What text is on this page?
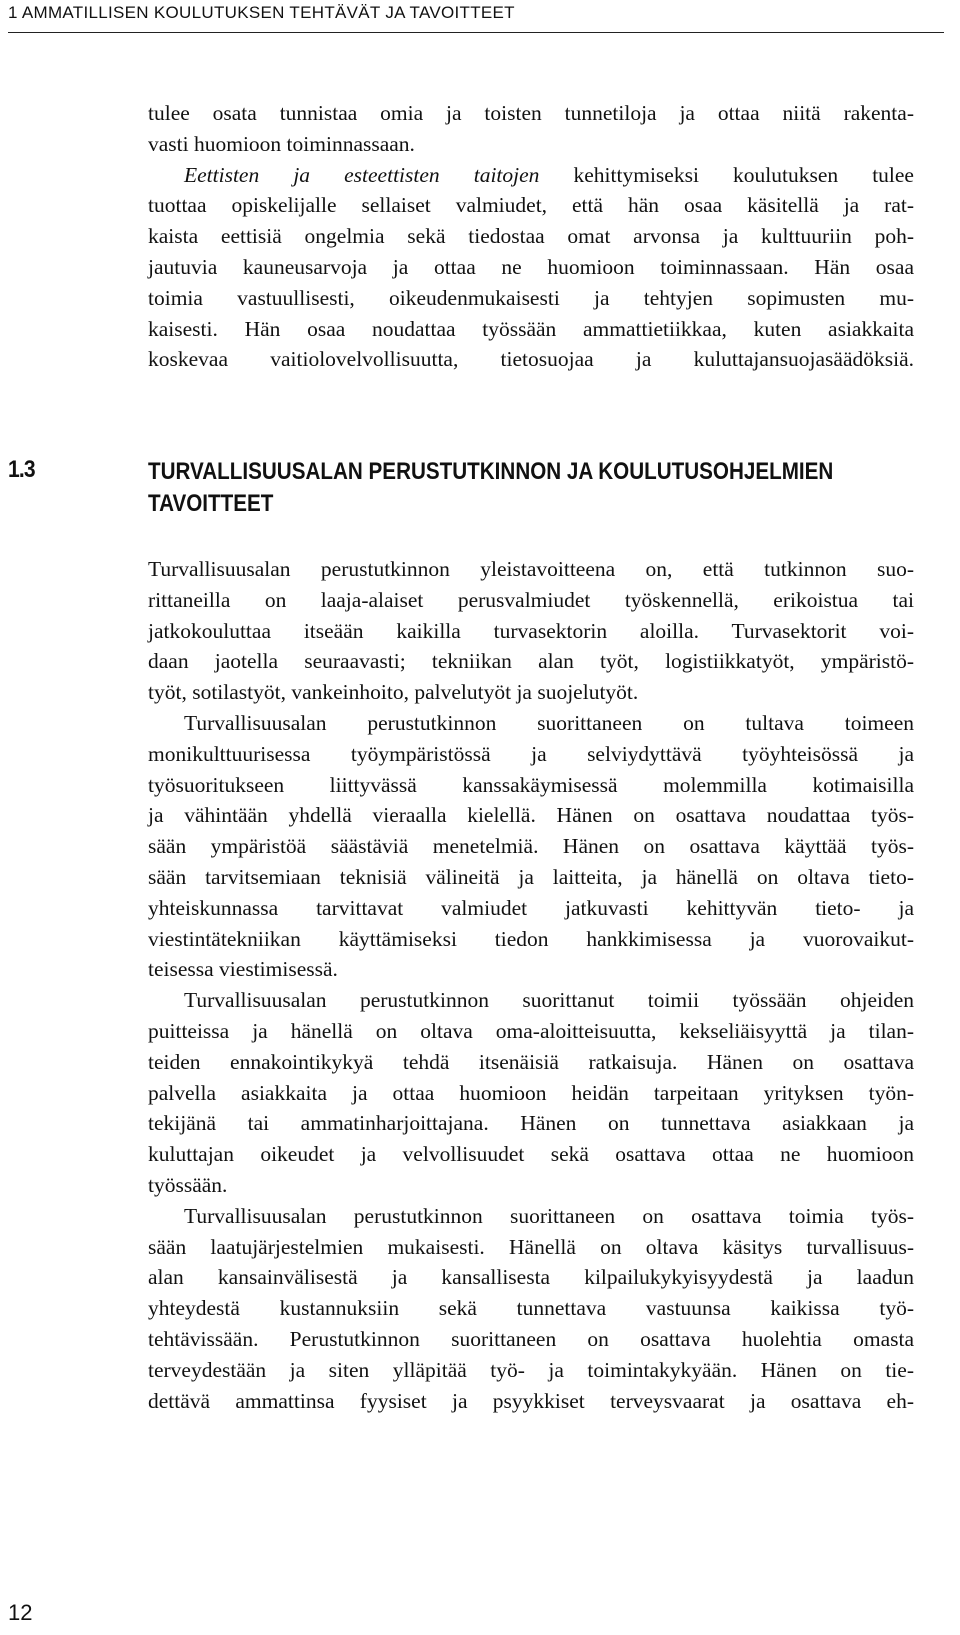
1 AMMATILLISEN KOULUTUKSEN TEHTÄVÄT JA TAVOITTEET
tulee osata tunnistaa omia ja toisten tunnetiloja ja ottaa niitä rakenta-
vasti huomioon toiminnassaan.
Eettisten ja esteettisten taitojen kehittymiseksi koulutuksen tulee
tuottaa opiskelijalle sellaiset valmiudet, että hän osaa käsitellä ja rat-
kaista eettisiä ongelmia sekä tiedostaa omat arvonsa ja kulttuuriin poh-
jautuvia kauneusarvoja ja ottaa ne huomioon toiminnassaan. Hän osaa
toimia vastuullisesti, oikeudenmukaisesti ja tehtyjen sopimusten mu-
kaisesti. Hän osaa noudattaa työssään ammattietiikkaa, kuten asiakkaita
koskevaa vaitiolovelvollisuutta, tietosuojaa ja kuluttajansuojasäädöksiä.
1.3	TURVALLISUUSALAN PERUSTUTKINNON JA KOULUTUSOHJELMIEN
TAVOITTEET
Turvallisuusalan perustutkinnon yleistavoitteena on, että tutkinnon suo-
rittaneilla on laaja-alaiset perusvalmiudet työskennellä, erikoistua tai
jatkokouluttaa itseään kaikilla turvasektorin aloilla. Turvasektorit voi-
daan jaotella seuraavasti; tekniikan alan työt, logistiikkatyöt, ympäristö-
työt, sotilastyöt, vankeinhoito, palvelutyöt ja suojelutyöt.
Turvallisuusalan perustutkinnon suorittaneen on tultava toimeen
monikulttuurisessa työympäristössä ja selviydyttävä työyhteisössä ja
työsuoritukseen liittyvässä kanssakäymisessä molemmilla kotimaisilla
ja vähintään yhdellä vieraalla kielellä. Hänen on osattava noudattaa työs-
sään ympäristöä säästäviä menetelmiä. Hänen on osattava käyttää työs-
sään tarvitsemiaan teknisiä välineitä ja laitteita, ja hänellä on oltava tieto-
yhteiskunnassa tarvittavat valmiudet jatkuvasti kehittyvän tieto- ja
viestintätekniikan käyttämiseksi tiedon hankkimisessa ja vuorovaikut-
teisessa viestimisessä.
Turvallisuusalan perustutkinnon suorittanut toimii työssään ohjeiden
puitteissa ja hänellä on oltava oma-aloitteisuutta, kekseliäisyyttä ja tilan-
teiden ennakointikykyä tehdä itsenäisiä ratkaisuja. Hänen on osattava
palvella asiakkaita ja ottaa huomioon heidän tarpeitaan yrityksen työn-
tekijänä tai ammatinharjoittajana. Hänen on tunnettava asiakkaan ja
kuluttajan oikeudet ja velvollisuudet sekä osattava ottaa ne huomioon
työssään.
Turvallisuusalan perustutkinnon suorittaneen on osattava toimia työs-
sään laatujärjestelmien mukaisesti. Hänellä on oltava käsitys turvallisuus-
alan kansainvälisestä ja kansallisesta kilpailukykyisyydestä ja laadun
yhteydestä kustannuksiin sekä tunnettava vastuunsa kaikissa työ-
tehtävissään. Perustutkinnon suorittaneen on osattava huolehtia omasta
terveydestään ja siten ylläpitää työ- ja toimintakykyään. Hänen on tie-
dettävä ammattinsa fyysiset ja psyykkiset terveysvaarat ja osattava eh-
12
